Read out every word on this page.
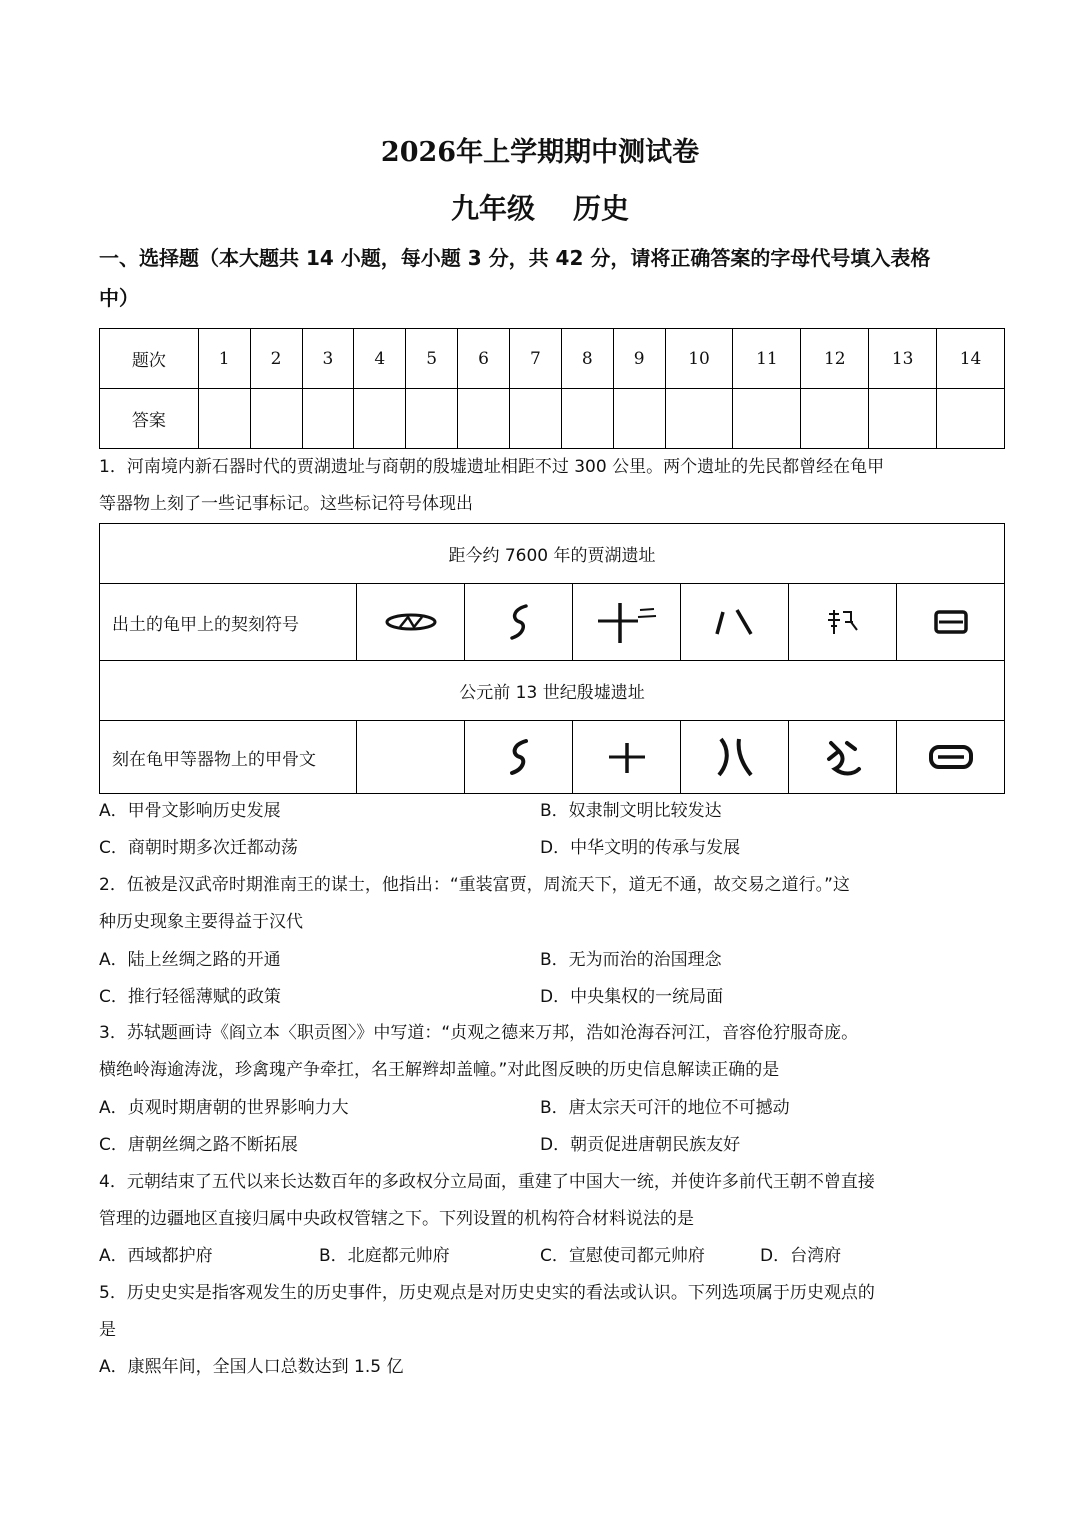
2026年上学期期中测试卷
九年级 历史
一、选择题（本大题共 14 小题，每小题 3 分，共 42 分，请将正确答案的字母代号填入表格
中）
题次	1	2	3	4	5	6	7	8	9	10	11	12	13	14
答案														
1．河南境内新石器时代的贾湖遗址与商朝的殷墟遗址相距不过 300 公里。两个遗址的先民都曾经在龟甲
等器物上刻了一些记事标记。这些标记符号体现出
距今约 7600 年的贾湖遗址						
出土的龟甲上的契刻符号	

公元前 13 世纪殷墟遗址						
刻在龟甲等器物上的甲骨文		

A．甲骨文影响历史发展	B．奴隶制文明比较发达
C．商朝时期多次迁都动荡	D．中华文明的传承与发展
2．伍被是汉武帝时期淮南王的谋士，他指出：“重装富贾，周流天下，道无不通，故交易之道行。”这
种历史现象主要得益于汉代
A．陆上丝绸之路的开通	B．无为而治的治国理念
C．推行轻徭薄赋的政策	D．中央集权的一统局面
3．苏轼题画诗《阎立本〈职贡图〉》中写道：“贞观之德来万邦，浩如沧海吞河江，音容伧狞服奇庞。
横绝岭海逾涛泷，珍禽瑰产争牵扛，名王解辫却盖幢。”对此图反映的历史信息解读正确的是
A．贞观时期唐朝的世界影响力大	B．唐太宗天可汗的地位不可撼动
C．唐朝丝绸之路不断拓展	D．朝贡促进唐朝民族友好
4．元朝结束了五代以来长达数百年的多政权分立局面，重建了中国大一统，并使许多前代王朝不曾直接
管理的边疆地区直接归属中央政权管辖之下。下列设置的机构符合材料说法的是
A．西域都护府	B．北庭都元帅府	C．宣慰使司都元帅府	D．台湾府
5．历史史实是指客观发生的历史事件，历史观点是对历史史实的看法或认识。下列选项属于历史观点的
是
A．康熙年间，全国人口总数达到 1.5 亿
